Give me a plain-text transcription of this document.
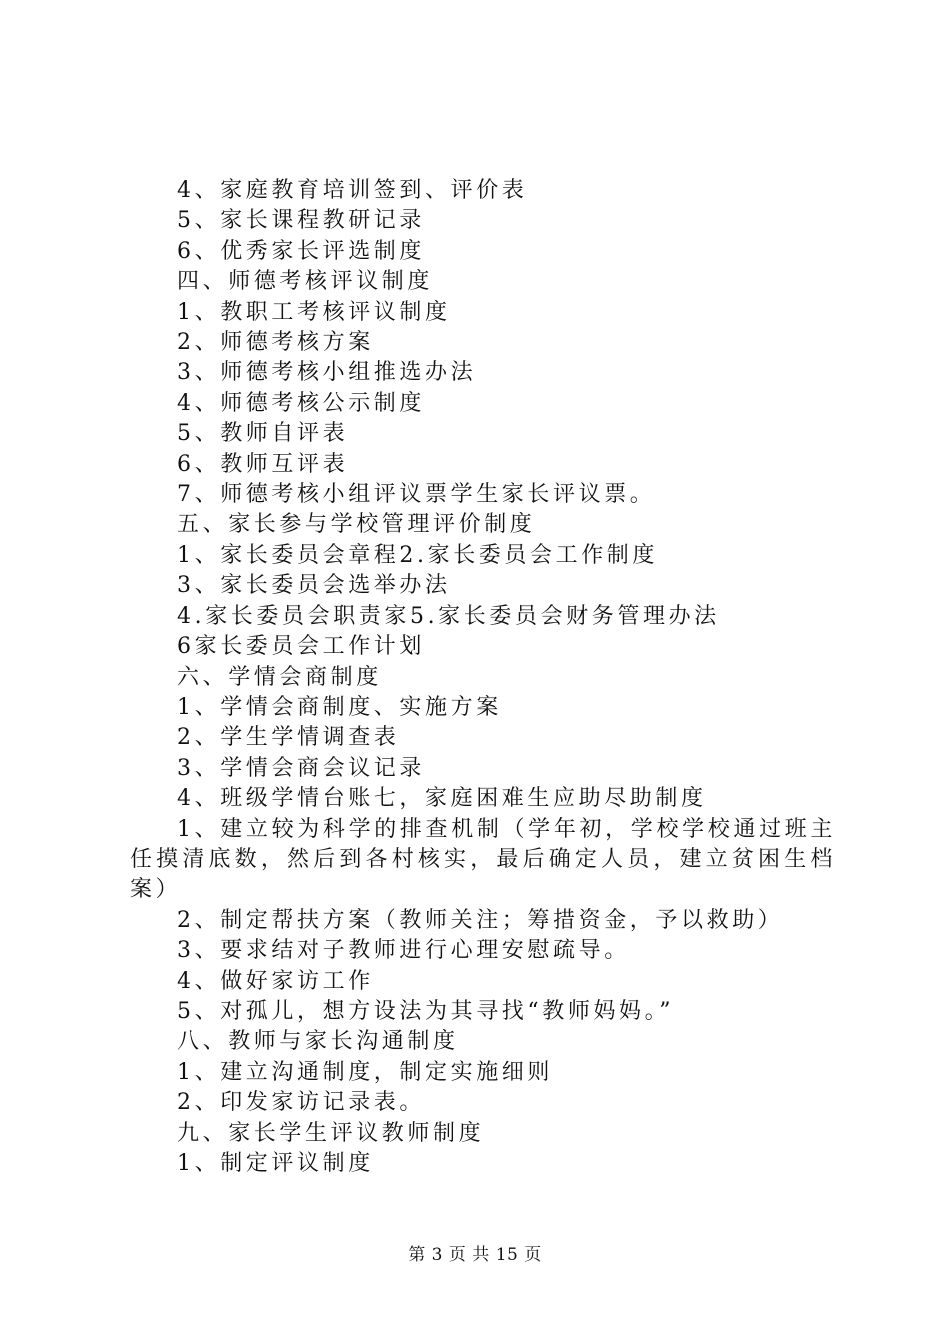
4、家庭教育培训签到、评价表
5、家长课程教研记录
6、优秀家长评选制度
四、师德考核评议制度
1、教职工考核评议制度
2、师德考核方案
3、师德考核小组推选办法
4、师德考核公示制度
5、教师自评表
6、教师互评表
7、师德考核小组评议票学生家长评议票。
五、家长参与学校管理评价制度
1、家长委员会章程2.家长委员会工作制度
3、家长委员会选举办法
4.家长委员会职责家5.家长委员会财务管理办法
6家长委员会工作计划
六、学情会商制度
1、学情会商制度、实施方案
2、学生学情调查表
3、学情会商会议记录
4、班级学情台账七，家庭困难生应助尽助制度
1、建立较为科学的排查机制（学年初，学校学校通过班主任摸清底数，然后到各村核实，最后确定人员，建立贫困生档案）
2、制定帮扶方案（教师关注；筹措资金，予以救助）
3、要求结对子教师进行心理安慰疏导。
4、做好家访工作
5、对孤儿，想方设法为其寻找“教师妈妈。”
八、教师与家长沟通制度
1、建立沟通制度，制定实施细则
2、印发家访记录表。
九、家长学生评议教师制度
1、制定评议制度
第 3 页 共 15 页
